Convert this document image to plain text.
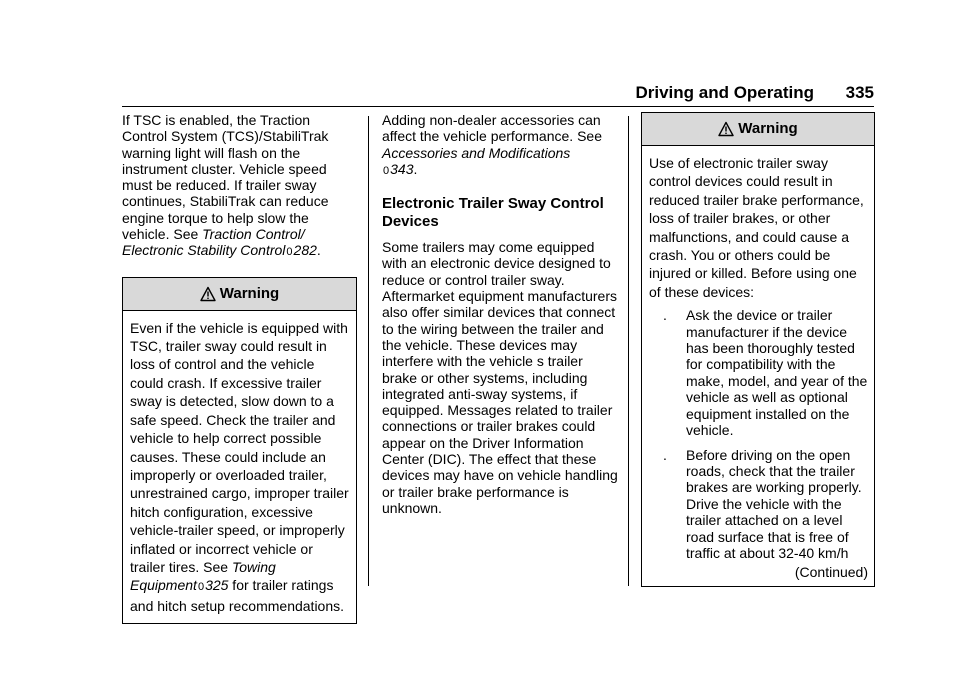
Driving and Operating 335

If TSC is enabled, the Traction Control System (TCS)/StabiliTrak warning light will flash on the instrument cluster. Vehicle speed must be reduced. If trailer sway continues, StabiliTrak can reduce engine torque to help slow the vehicle. See Traction Control/ Electronic Stability Control0282.

Warning
Even if the vehicle is equipped with TSC, trailer sway could result in loss of control and the vehicle could crash. If excessive trailer sway is detected, slow down to a safe speed. Check the trailer and vehicle to help correct possible causes. These could include an improperly or overloaded trailer, unrestrained cargo, improper trailer hitch configuration, excessive vehicle-trailer speed, or improperly inflated or incorrect vehicle or trailer tires. See Towing Equipment0325 for trailer ratings and hitch setup recommendations.

Adding non-dealer accessories can affect the vehicle performance. See Accessories and Modifications
0343.

Electronic Trailer Sway Control Devices

Some trailers may come equipped with an electronic device designed to reduce or control trailer sway. Aftermarket equipment manufacturers also offer similar devices that connect to the wiring between the trailer and the vehicle. These devices may interfere with the vehicle s trailer brake or other systems, including integrated anti-sway systems, if equipped. Messages related to trailer connections or trailer brakes could appear on the Driver Information Center (DIC). The effect that these devices may have on vehicle handling or trailer brake performance is unknown.

Warning

Use of electronic trailer sway control devices could result in reduced trailer brake performance, loss of trailer brakes, or other malfunctions, and could cause a crash. You or others could be injured or killed. Before using one of these devices:

. Ask the device or trailer manufacturer if the device has been thoroughly tested for compatibility with the make, model, and year of the vehicle as well as optional equipment installed on the vehicle.
. Before driving on the open roads, check that the trailer brakes are working properly. Drive the vehicle with the trailer attached on a level road surface that is free of traffic at about 32-40 km/h
(Continued)
